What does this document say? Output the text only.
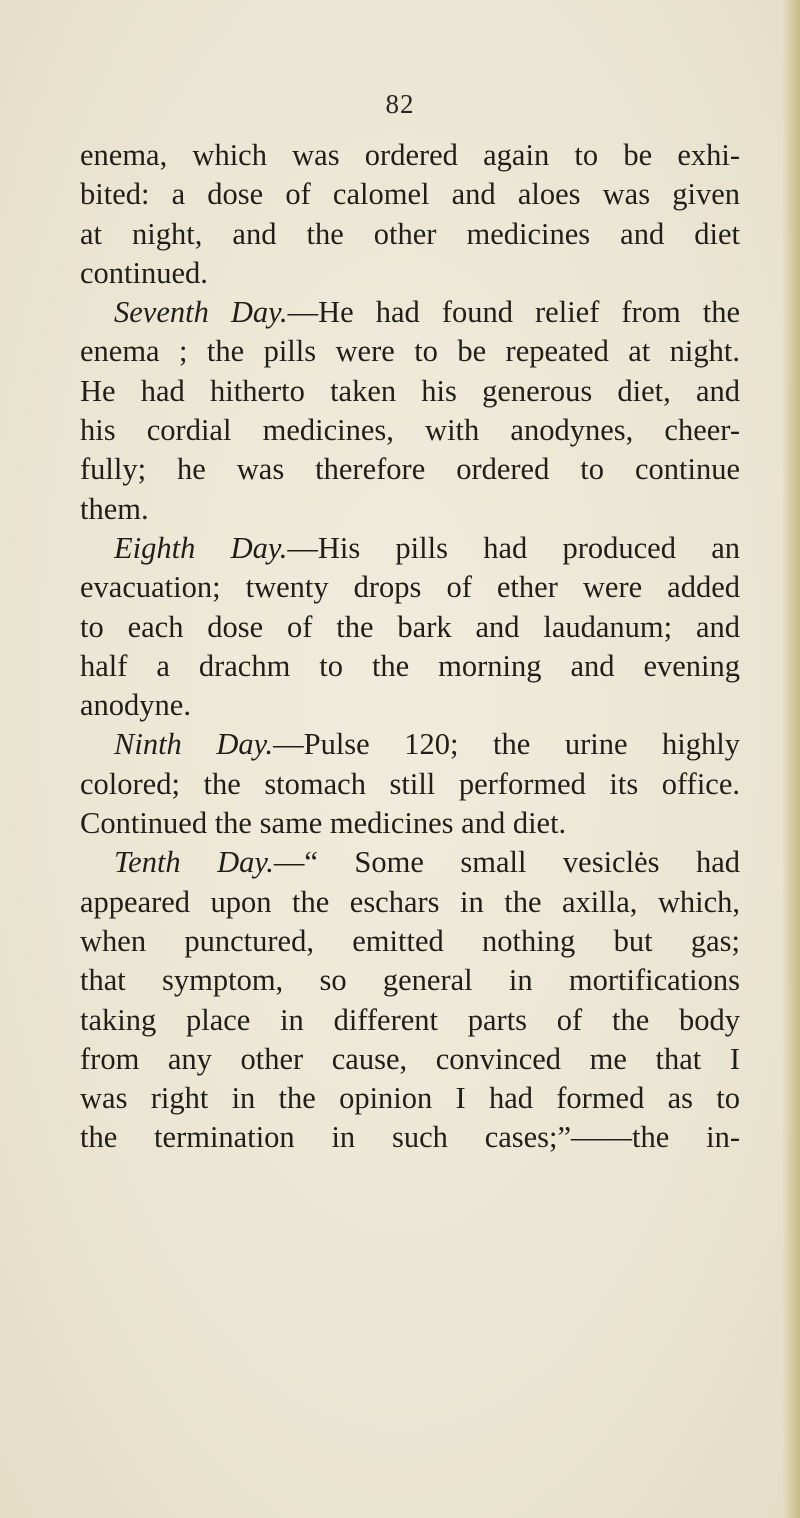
82
enema, which was ordered again to be exhi-
bited: a dose of calomel and aloes was given
at night, and the other medicines and diet
continued.
Seventh Day.—He had found relief from the
enema ; the pills were to be repeated at night.
He had hitherto taken his generous diet, and
his cordial medicines, with anodynes, cheer-
fully; he was therefore ordered to continue
them.
Eighth Day.—His pills had produced an
evacuation; twenty drops of ether were added
to each dose of the bark and laudanum; and
half a drachm to the morning and evening
anodyne.
Ninth Day.—Pulse 120; the urine highly
colored; the stomach still performed its office.
Continued the same medicines and diet.
Tenth Day.—“ Some small vesiclės had
appeared upon the eschars in the axilla, which,
when punctured, emitted nothing but gas;
that symptom, so general in mortifications
taking place in different parts of the body
from any other cause, convinced me that I
was right in the opinion I had formed as to
the termination in such cases;”——the in-
